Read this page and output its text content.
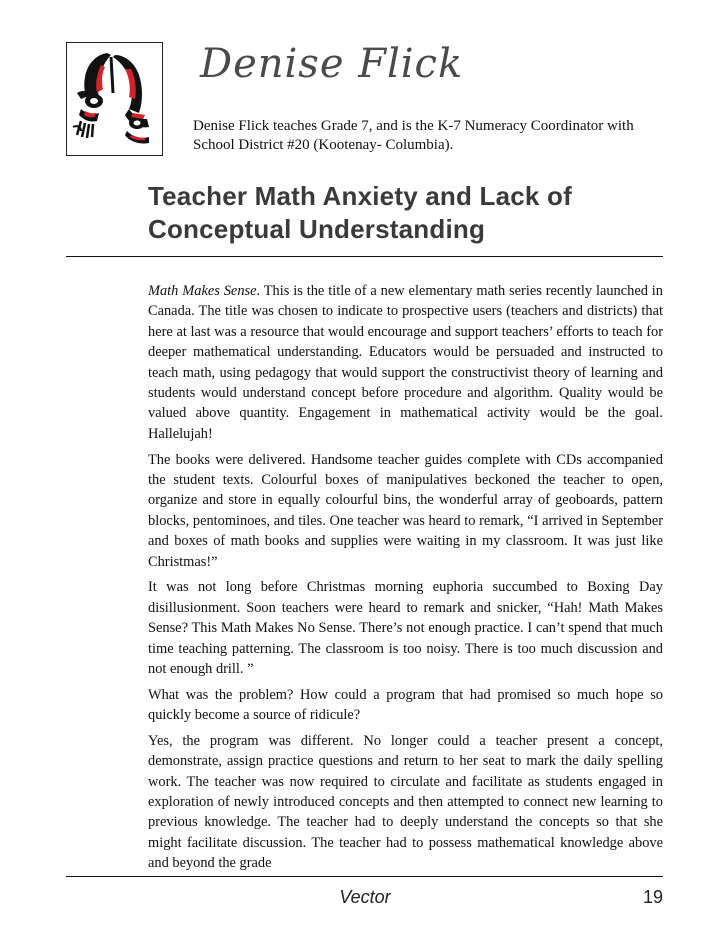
Denise Flick
Denise Flick teaches Grade 7, and is the K-7 Numeracy Coordinator with School District #20 (Kootenay- Columbia).
Teacher Math Anxiety and Lack of Conceptual Understanding

Math Makes Sense. This is the title of a new elementary math series recently launched in Canada. The title was chosen to indicate to prospective users (teachers and districts) that here at last was a resource that would encourage and support teachers’ efforts to teach for deeper mathematical understanding. Educators would be persuaded and instructed to teach math, using pedagogy that would support the constructivist theory of learning and students would understand concept before procedure and algorithm. Quality would be valued above quantity. Engagement in mathematical activity would be the goal. Hallelujah!

The books were delivered. Handsome teacher guides complete with CDs accompanied the student texts. Colourful boxes of manipulatives beckoned the teacher to open, organize and store in equally colourful bins, the wonderful array of geoboards, pattern blocks, pentominoes, and tiles. One teacher was heard to remark, “I arrived in September and boxes of math books and supplies were waiting in my classroom. It was just like Christmas!”

It was not long before Christmas morning euphoria succumbed to Boxing Day disillusionment. Soon teachers were heard to remark and snicker, “Hah! Math Makes Sense? This Math Makes No Sense. There’s not enough practice. I can’t spend that much time teaching patterning. The classroom is too noisy. There is too much discussion and not enough drill. ”

What was the problem? How could a program that had promised so much hope so quickly become a source of ridicule?

Yes, the program was different. No longer could a teacher present a concept, demonstrate, assign practice questions and return to her seat to mark the daily spelling work. The teacher was now required to circulate and facilitate as students engaged in exploration of newly introduced concepts and then attempted to connect new learning to previous knowledge. The teacher had to deeply understand the concepts so that she might facilitate discussion. The teacher had to possess mathematical knowledge above and beyond the grade

Vector	19
